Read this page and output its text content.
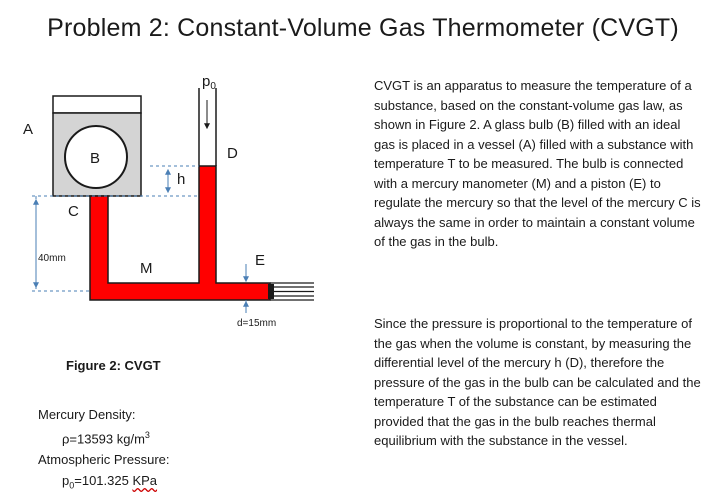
Problem 2: Constant-Volume Gas Thermometer (CVGT)
A
B
C
h
$p_0$
D
E
M
40mm
d=15mm
Figure 2: CVGT
Mercury Density:
ρ=13593 $kg/m^3$
Atmospheric Pressure:
$p_0=101.325$ KPa
CVGT is an apparatus to measure the temperature of a substance, based on the constant-volume gas law, as shown in Figure 2. A glass bulb (B) filled with an ideal gas is placed in a vessel (A) filled with a substance with temperature T to be measured. The bulb is connected with a mercury manometer (M) and a piston (E) to regulate the mercury so that the level of the mercury C is always the same in order to maintain a constant volume of the gas in the bulb.
Since the pressure is proportional to the temperature of the gas when the volume is constant, by measuring the differential level of the mercury h (D), therefore the pressure of the gas in the bulb can be calculated and the temperature T of the substance can be estimated provided that the gas in the bulb reaches thermal equilibrium with the substance in the vessel.
